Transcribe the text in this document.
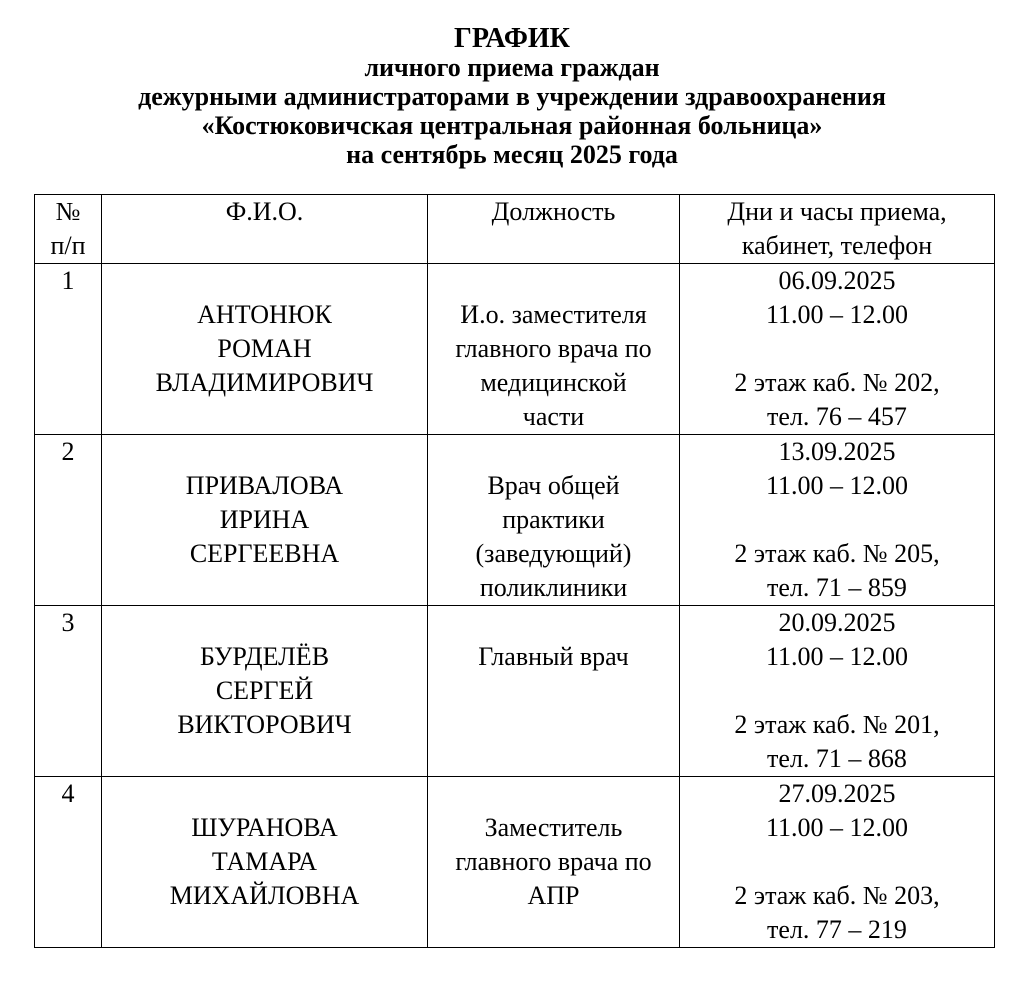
ГРАФИК
личного приема граждан
дежурными администраторами в учреждении здравоохранения
«Костюковичская центральная районная больница»
на сентябрь месяц 2025 года
№
п/п	Ф.И.О.	Должность	Дни и часы приема,
кабинет, телефон

1	АНТОНЮК
РОМАН
ВЛАДИМИРОВИЧ	И.о. заместителя
главного врача по
медицинской
части	06.09.2025
11.00 – 12.00
2 этаж каб. № 202,
тел. 76 – 457

2	ПРИВАЛОВА
ИРИНА
СЕРГЕЕВНА	Врач общей
практики
(заведующий)
поликлиники	13.09.2025
11.00 – 12.00
2 этаж каб. № 205,
тел. 71 – 859

3	БУРДЕЛЁВ
СЕРГЕЙ
ВИКТОРОВИЧ	Главный врач	20.09.2025
11.00 – 12.00
2 этаж каб. № 201,
тел. 71 – 868

4	ШУРАНОВА
ТАМАРА
МИХАЙЛОВНА	Заместитель
главного врача по
АПР	27.09.2025
11.00 – 12.00
2 этаж каб. № 203,
тел. 77 – 219
